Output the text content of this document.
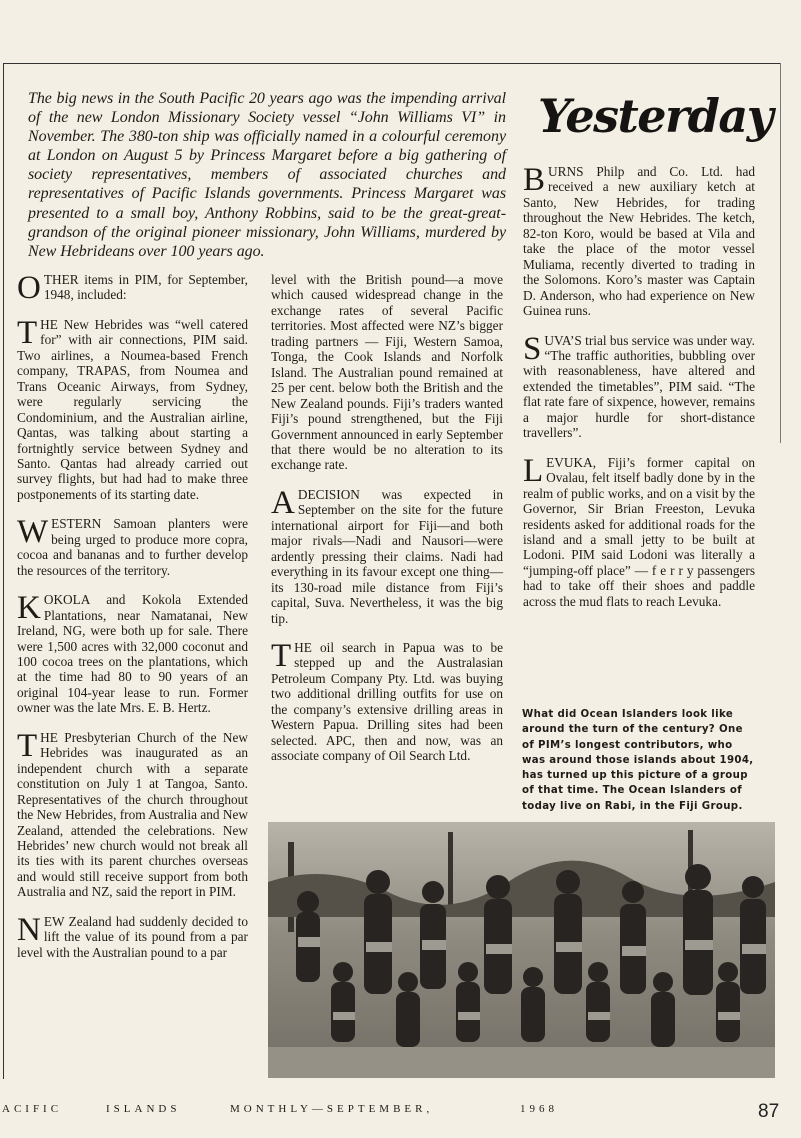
The big news in the South Pacific 20 years ago was the impending arrival of the new London Missionary Society vessel “John Williams VI” in November. The 380-ton ship was officially named in a colourful ceremony at London on August 5 by Princess Margaret before a big gathering of society representatives, members of associated churches and representatives of Pacific Islands governments. Princess Margaret was presented to a small boy, Anthony Robbins, said to be the great-great-grandson of the original pioneer missionary, John Williams, murdered by New Hebrideans over 100 years ago.

Yesterday

OTHER items in PIM, for September, 1948, included:

THE New Hebrides was “well catered for” with air connections, PIM said. Two airlines, a Noumea-based French company, TRAPAS, from Noumea and Trans Oceanic Airways, from Sydney, were regularly servicing the Condominium, and the Australian airline, Qantas, was talking about starting a fortnightly service between Sydney and Santo. Qantas had already carried out survey flights, but had had to make three postponements of its starting date.

WESTERN Samoan planters were being urged to produce more copra, cocoa and bananas and to further develop the resources of the territory.

KOKOLA and Kokola Extended Plantations, near Namatanai, New Ireland, NG, were both up for sale. There were 1,500 acres with 32,000 coconut and 100 cocoa trees on the plantations, which at the time had 80 to 90 years of an original 104-year lease to run. Former owner was the late Mrs. E. B. Hertz.

THE Presbyterian Church of the New Hebrides was inaugurated as an independent church with a separate constitution on July 1 at Tangoa, Santo. Representatives of the church throughout the New Hebrides, from Australia and New Zealand, attended the celebrations. New Hebrides’ new church would not break all its ties with its parent churches overseas and would still receive support from both Australia and NZ, said the report in PIM.

NEW Zealand had suddenly decided to lift the value of its pound from a par level with the Australian pound to a par

level with the British pound—a move which caused widespread change in the exchange rates of several Pacific territories. Most affected were NZ’s bigger trading partners — Fiji, Western Samoa, Tonga, the Cook Islands and Norfolk Island. The Australian pound remained at 25 per cent. below both the British and the New Zealand pounds. Fiji’s traders wanted Fiji’s pound strengthened, but the Fiji Government announced in early September that there would be no alteration to its exchange rate.

ADECISION was expected in September on the site for the future international airport for Fiji—and both major rivals—Nadi and Nausori—were ardently pressing their claims. Nadi had everything in its favour except one thing—its 130-road mile distance from Fiji’s capital, Suva. Nevertheless, it was the big tip.

THE oil search in Papua was to be stepped up and the Australasian Petroleum Company Pty. Ltd. was buying two additional drilling outfits for use on the company’s extensive drilling areas in Western Papua. Drilling sites had been selected. APC, then and now, was an associate company of Oil Search Ltd.

BURNS Philp and Co. Ltd. had received a new auxiliary ketch at Santo, New Hebrides, for trading throughout the New Hebrides. The ketch, 82-ton Koro, would be based at Vila and take the place of the motor vessel Muliama, recently diverted to trading in the Solomons. Koro’s master was Captain D. Anderson, who had experience on New Guinea runs.

SUVA’S trial bus service was under way. “The traffic authorities, bubbling over with reasonableness, have altered and extended the timetables”, PIM said. “The flat rate fare of sixpence, however, remains a major hurdle for short-distance travellers”.

LEVUKA, Fiji’s former capital on Ovalau, felt itself badly done by in the realm of public works, and on a visit by the Governor, Sir Brian Freeston, Levuka residents asked for additional roads for the island and a small jetty to be built at Lodoni. PIM said Lodoni was literally a “jumping-off place” — f e r r y passengers had to take off their shoes and paddle across the mud flats to reach Levuka.

What did Ocean Islanders look like around the turn of the century? One of PIM’s longest contributors, who was around those islands about 1904, has turned up this picture of a group of that time. The Ocean Islanders of today live on Rabi, in the Fiji Group.

ACIFIC	ISLANDS	MONTHLY—SEPTEMBER,	1968	87
